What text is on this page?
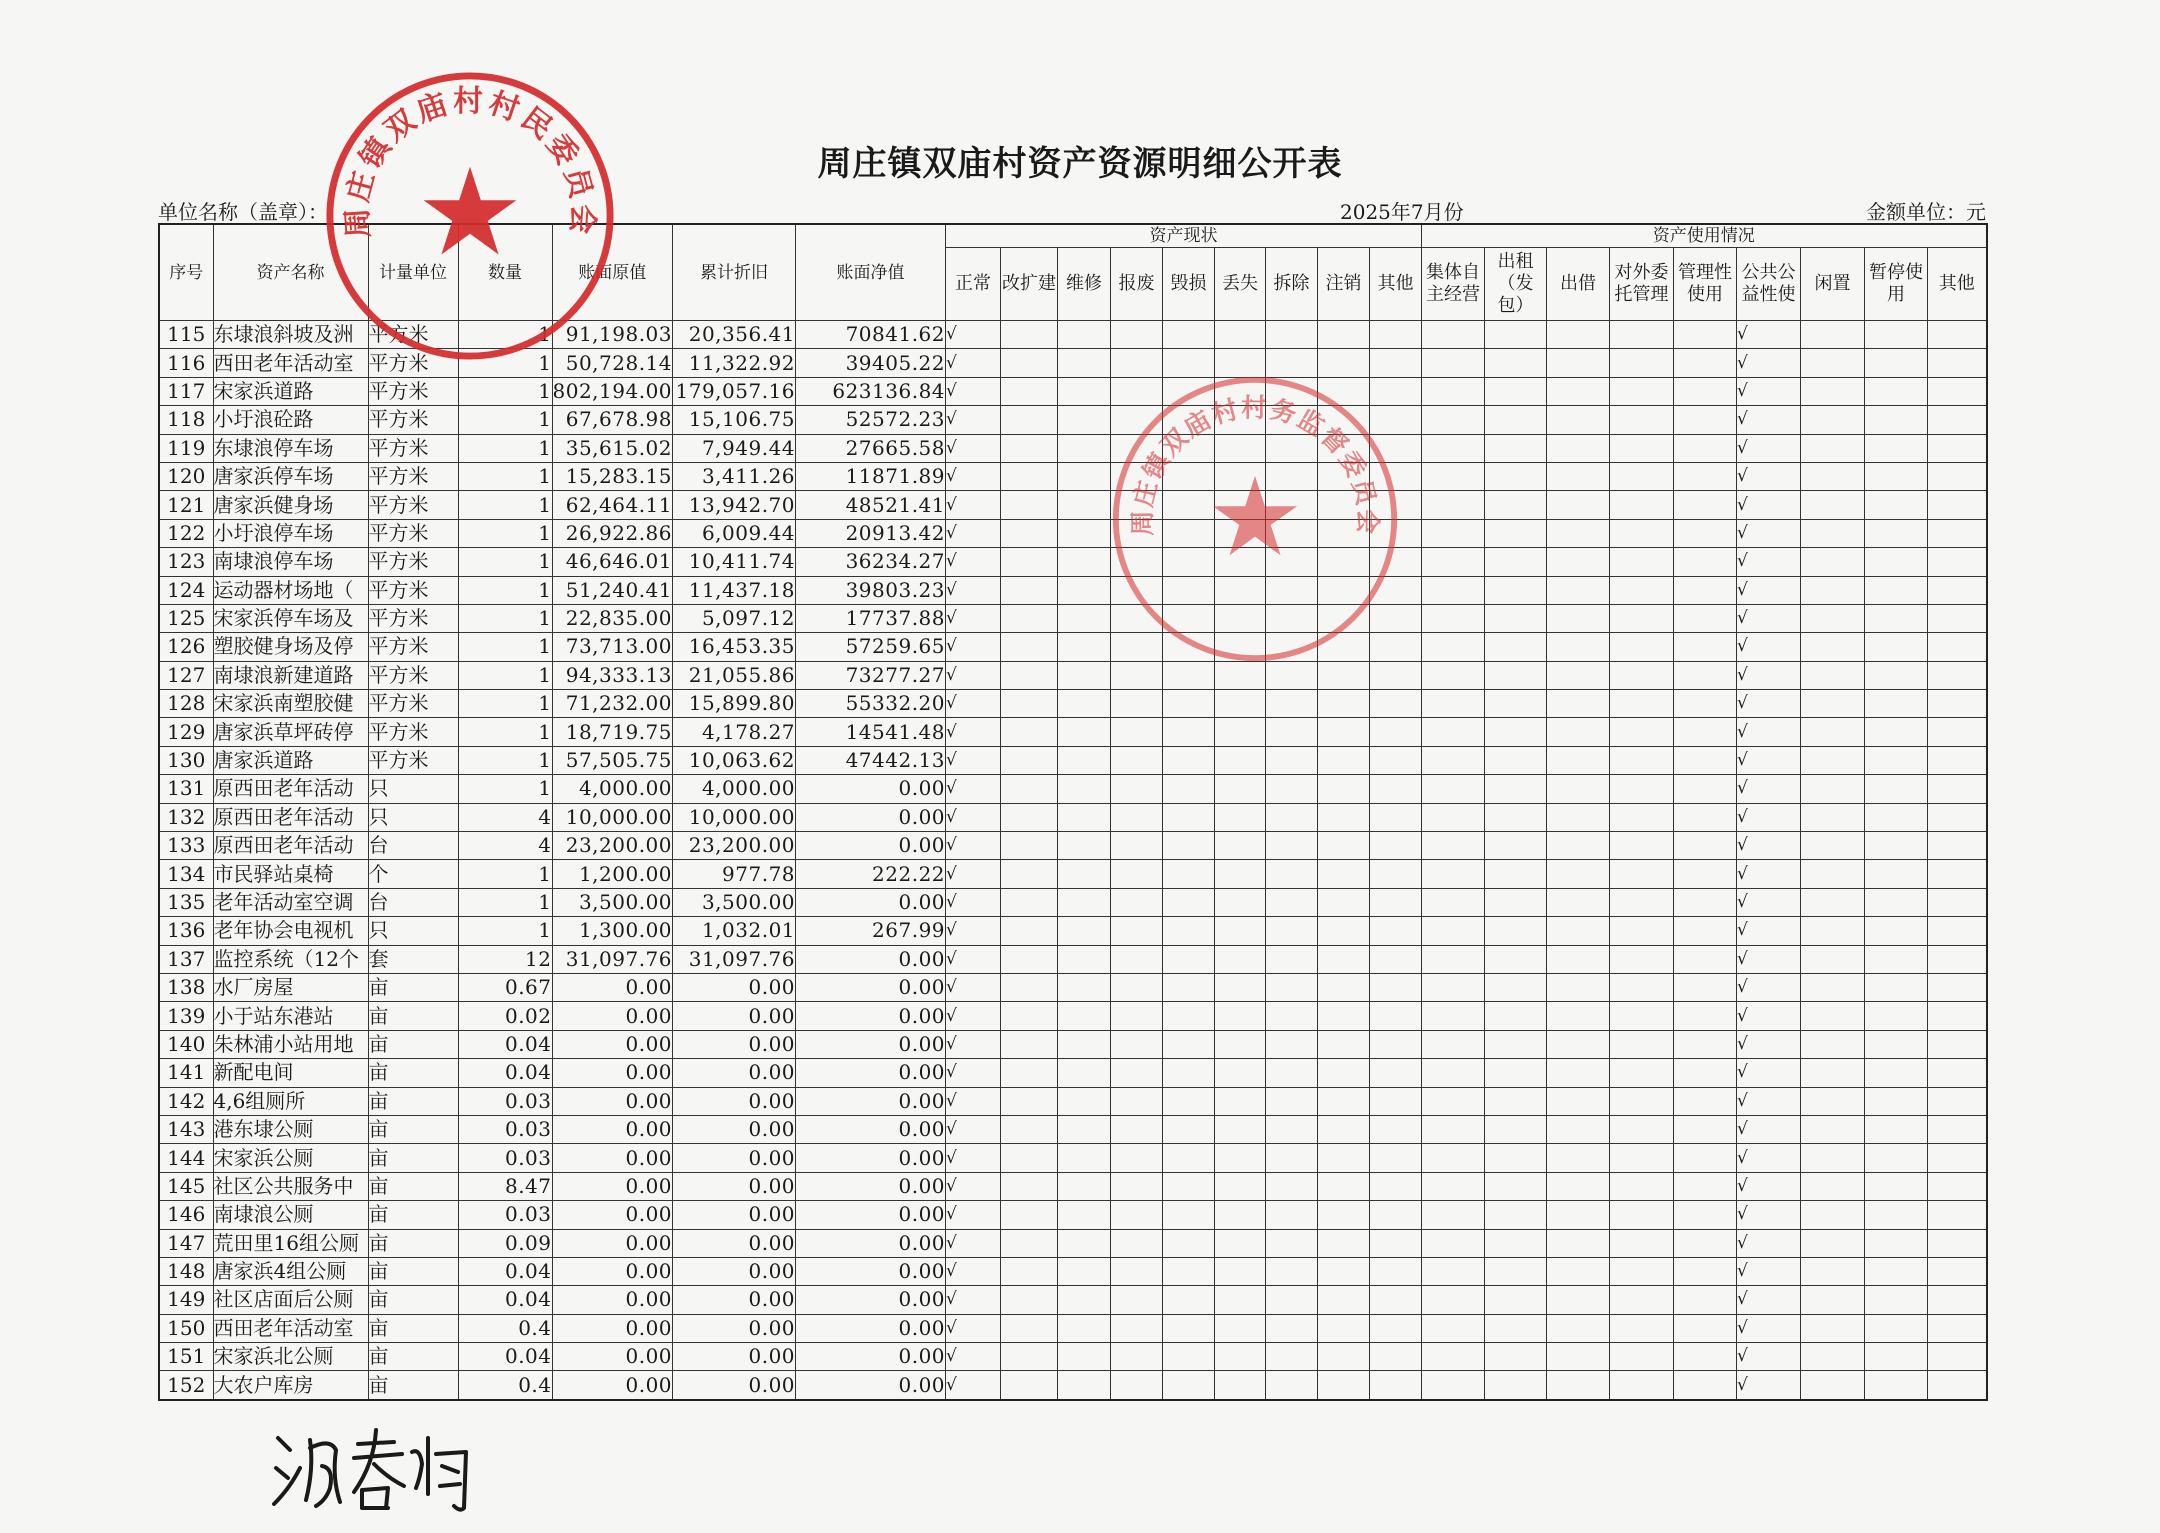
周庄镇双庙村资产资源明细公开表
单位名称（盖章）：	2025年7月份	金额单位：元
序号	资产名称	计量单位	数量	账面原值	累计折旧	账面净值	资产现状									资产使用情况								
							正常	改扩建	维修	报废	毁损	丢失	拆除	注销	其他	集体自主经营	出租（发包）	出借	对外委托管理	管理性使用	公共公益性使	闲置	暂停使用	其他
115	东埭浪斜坡及洲	平方米	1	91,198.03	20,356.41	70841.62	√														√			
116	西田老年活动室	平方米	1	50,728.14	11,322.92	39405.22	√														√			
117	宋家浜道路	平方米	1	802,194.00	179,057.16	623136.84	√														√			
118	小圩浪砼路	平方米	1	67,678.98	15,106.75	52572.23	√														√			
119	东埭浪停车场	平方米	1	35,615.02	7,949.44	27665.58	√														√			
120	唐家浜停车场	平方米	1	15,283.15	3,411.26	11871.89	√														√			
121	唐家浜健身场	平方米	1	62,464.11	13,942.70	48521.41	√														√			
122	小圩浪停车场	平方米	1	26,922.86	6,009.44	20913.42	√														√			
123	南埭浪停车场	平方米	1	46,646.01	10,411.74	36234.27	√														√			
124	运动器材场地（	平方米	1	51,240.41	11,437.18	39803.23	√														√			
125	宋家浜停车场及	平方米	1	22,835.00	5,097.12	17737.88	√														√			
126	塑胶健身场及停	平方米	1	73,713.00	16,453.35	57259.65	√														√			
127	南埭浪新建道路	平方米	1	94,333.13	21,055.86	73277.27	√														√			
128	宋家浜南塑胶健	平方米	1	71,232.00	15,899.80	55332.20	√														√			
129	唐家浜草坪砖停	平方米	1	18,719.75	4,178.27	14541.48	√														√			
130	唐家浜道路	平方米	1	57,505.75	10,063.62	47442.13	√														√			
131	原西田老年活动	只	1	4,000.00	4,000.00	0.00	√														√			
132	原西田老年活动	只	4	10,000.00	10,000.00	0.00	√														√			
133	原西田老年活动	台	4	23,200.00	23,200.00	0.00	√														√			
134	市民驿站桌椅	个	1	1,200.00	977.78	222.22	√														√			
135	老年活动室空调	台	1	3,500.00	3,500.00	0.00	√														√			
136	老年协会电视机	只	1	1,300.00	1,032.01	267.99	√														√			
137	监控系统（12个	套	12	31,097.76	31,097.76	0.00	√														√			
138	水厂房屋	亩	0.67	0.00	0.00	0.00	√														√			
139	小于站东港站	亩	0.02	0.00	0.00	0.00	√														√			
140	朱林浦小站用地	亩	0.04	0.00	0.00	0.00	√														√			
141	新配电间	亩	0.04	0.00	0.00	0.00	√														√			
142	4,6组厕所	亩	0.03	0.00	0.00	0.00	√														√			
143	港东埭公厕	亩	0.03	0.00	0.00	0.00	√														√			
144	宋家浜公厕	亩	0.03	0.00	0.00	0.00	√														√			
145	社区公共服务中	亩	8.47	0.00	0.00	0.00	√														√			
146	南埭浪公厕	亩	0.03	0.00	0.00	0.00	√														√			
147	荒田里16组公厕	亩	0.09	0.00	0.00	0.00	√														√			
148	唐家浜4组公厕	亩	0.04	0.00	0.00	0.00	√														√			
149	社区店面后公厕	亩	0.04	0.00	0.00	0.00	√														√			
150	西田老年活动室	亩	0.4	0.00	0.00	0.00	√														√			
151	宋家浜北公厕	亩	0.04	0.00	0.00	0.00	√														√			
152	大农户库房	亩	0.4	0.00	0.00	0.00	√														√			
周庄镇双庙村村民委员会
周庄镇双庙村村务监督委员会
